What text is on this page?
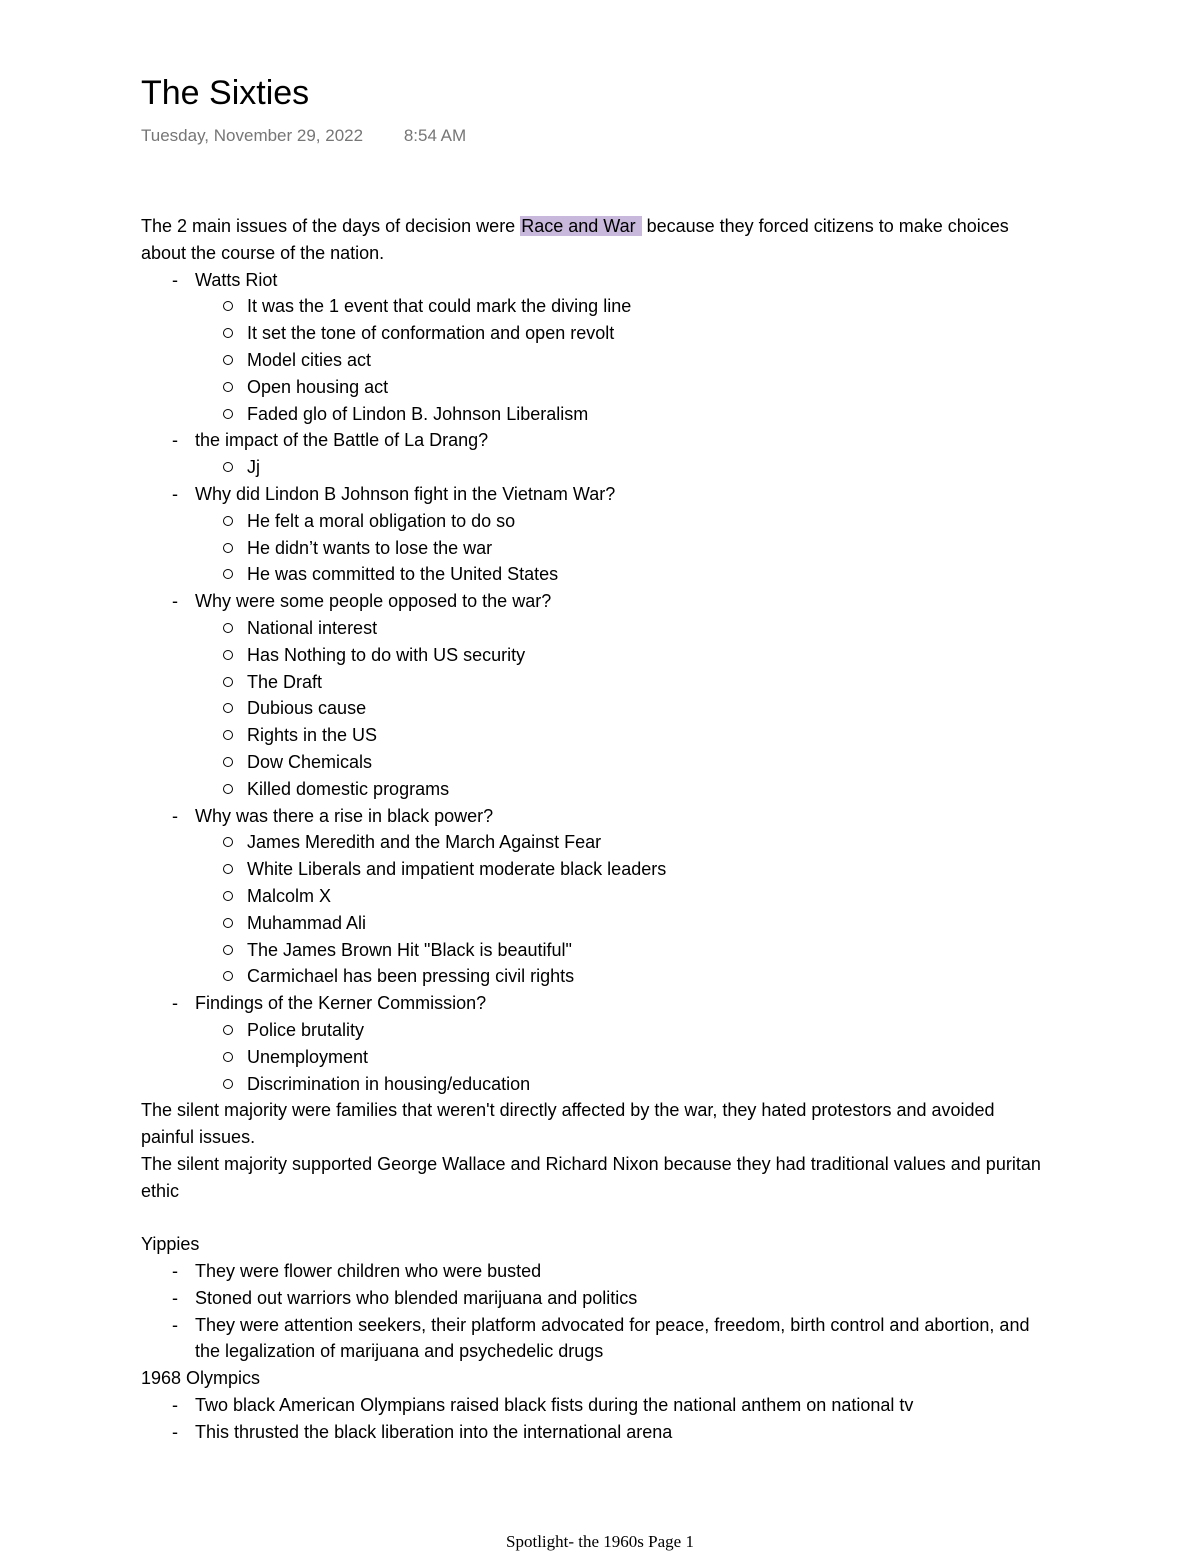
The Sixties
Tuesday, November 29, 2022 8:54 AM

The 2 main issues of the days of decision were Race and War because they forced citizens to make choices about the course of the nation.

- Watts Riot
It was the 1 event that could mark the diving line
It set the tone of conformation and open revolt
Model cities act
Open housing act
Faded glo of Lindon B. Johnson Liberalism
- the impact of the Battle of La Drang?
Jj
- Why did Lindon B Johnson fight in the Vietnam War?
He felt a moral obligation to do so
He didn’t wants to lose the war
He was committed to the United States
- Why were some people opposed to the war?
National interest
Has Nothing to do with US security
The Draft
Dubious cause
Rights in the US
Dow Chemicals
Killed domestic programs
- Why was there a rise in black power?
James Meredith and the March Against Fear
White Liberals and impatient moderate black leaders
Malcolm X
Muhammad Ali
The James Brown Hit "Black is beautiful"
Carmichael has been pressing civil rights
- Findings of the Kerner Commission?
Police brutality
Unemployment
Discrimination in housing/education

The silent majority were families that weren't directly affected by the war, they hated protestors and avoided painful issues.

The silent majority supported George Wallace and Richard Nixon because they had traditional values and puritan ethic

Yippies

- They were flower children who were busted
- Stoned out warriors who blended marijuana and politics
- They were attention seekers, their platform advocated for peace, freedom, birth control and abortion, and the legalization of marijuana and psychedelic drugs

1968 Olympics

- Two black American Olympians raised black fists during the national anthem on national tv
- This thrusted the black liberation into the international arena
Spotlight- the 1960s Page 1
